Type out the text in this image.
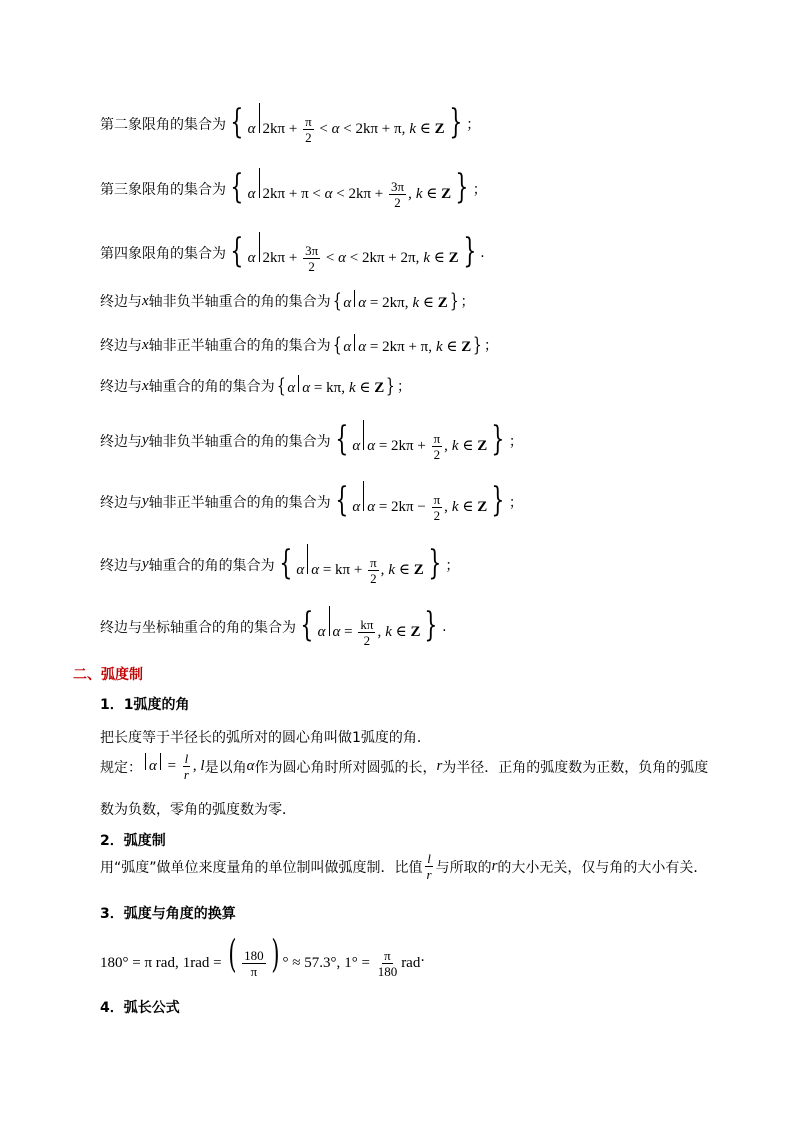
第二象限角的集合为 { α $2k\pi + \frac{\pi}{2} < \alpha < 2k\pi + \pi$, k ∈ Z } ；
第三象限角的集合为 { α $2k\pi + \pi < \alpha < 2k\pi + \frac{3\pi}{2}$ , k ∈ Z } ；
第四象限角的集合为 { α $2k\pi + \frac{3\pi}{2} < \alpha < 2k\pi + 2\pi$, k ∈ Z } .
终边与 x 轴非负半轴重合的角的集合为 { α α = 2kπ, k ∈ Z} ；
终边与 x 轴非正半轴重合的角的集合为 { α α = 2kπ + π, k ∈ Z} ；
终边与 x 轴重合的角的集合为 { α α = kπ, k ∈ Z} ；
终边与 y 轴非负半轴重合的角的集合为 { α $\alpha = 2k\pi + \frac{\pi}{2}$ , k ∈ Z } ；
终边与 y 轴非正半轴重合的角的集合为 { α $\alpha = 2k\pi - \frac{\pi}{2}$ , k ∈ Z } ；
终边与 y 轴重合的角的集合为 { α $\alpha = k\pi + \frac{\pi}{2}$ , k ∈ Z } ；
终边与坐标轴重合的角的集合为 { α $\alpha = \frac{k\pi}{2}$ , k ∈ Z } .
二、弧度制
1．1弧度的角
把长度等于半径长的弧所对的圆心角叫做1弧度的角．
规定： $\alpha = \frac{l}{r}$ , l 是以角 α 作为圆心角时所对圆弧的长， r 为半径．正角的弧度数为正数，负角的弧度
数为负数，零角的弧度数为零．
2．弧度制
用“弧度”做单位来度量角的单位制叫做弧度制．比值 $\frac{l}{r}$ 与所取的 r 的大小无关，仅与角的大小有关．
3．弧度与角度的换算
180° = π rad, 1rad = ( $\frac{180}{\pi}$ ) ° ≈ 57.3°, $1^\circ = \frac{\pi}{180}$ rad .
4．弧长公式
